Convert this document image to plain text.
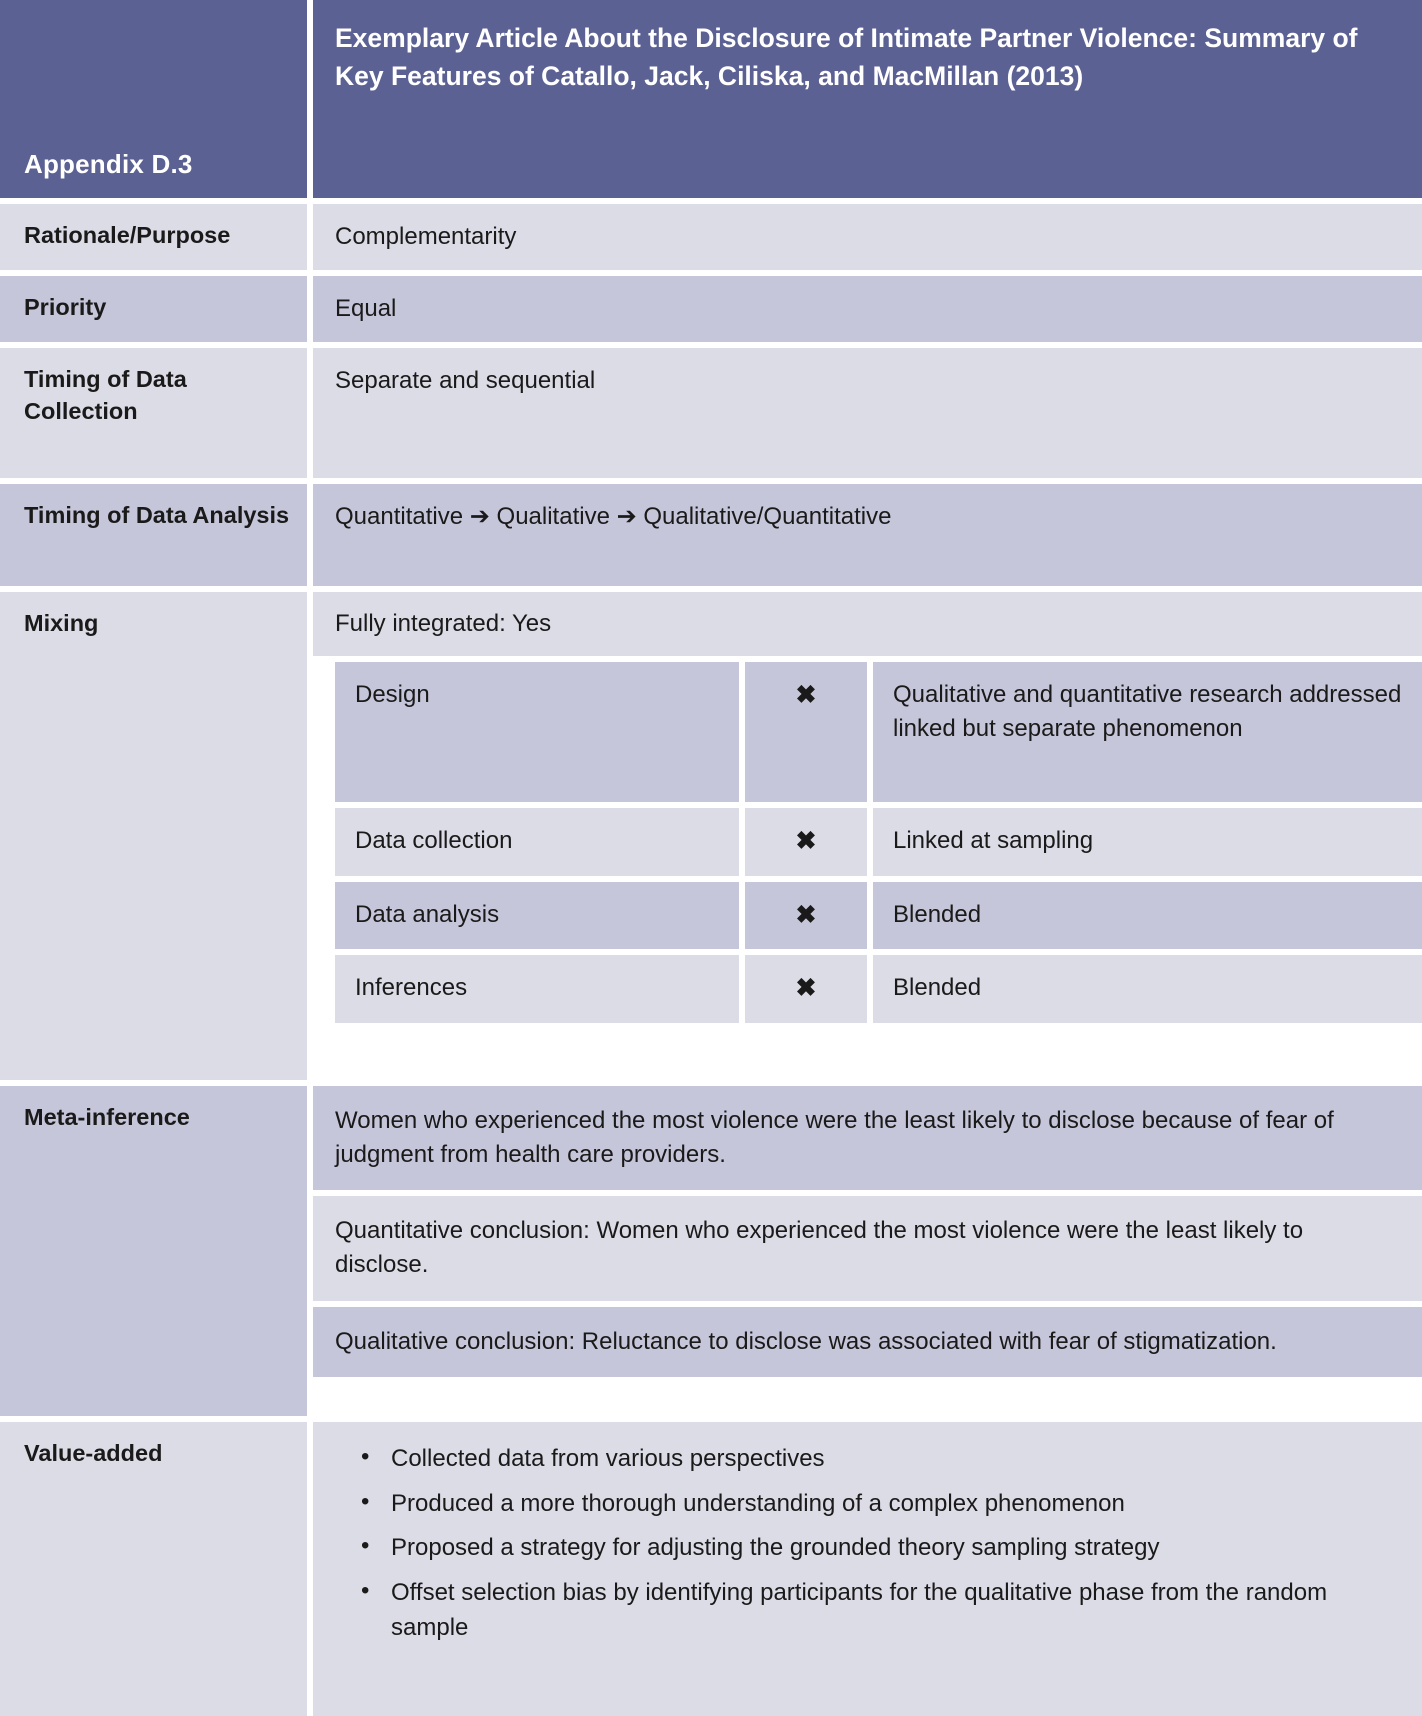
Appendix D.3	Exemplary Article About the Disclosure of Intimate Partner Violence: Summary of Key Features of Catallo, Jack, Ciliska, and MacMillan (2013)
Rationale/Purpose	Complementarity
Priority	Equal
Timing of Data Collection	Separate and sequential
Timing of Data Analysis	Quantitative ➔ Qualitative ➔ Qualitative/Quantitative
Mixing	Fully integrated: Yes
Design	✖	Qualitative and quantitative research addressed linked but separate phenomenon
Data collection	✖	Linked at sampling
Data analysis	✖	Blended
Inferences	✖	Blended

Meta-inference	Women who experienced the most violence were the least likely to disclose because of fear of judgment from health care providers.
Quantitative conclusion: Women who experienced the most violence were the least likely to disclose.
Qualitative conclusion: Reluctance to disclose was associated with fear of stigmatization.

Value-added	• Collected data from various perspectives
• Produced a more thorough understanding of a complex phenomenon
• Proposed a strategy for adjusting the grounded theory sampling strategy
• Offset selection bias by identifying participants for the qualitative phase from the random sample
